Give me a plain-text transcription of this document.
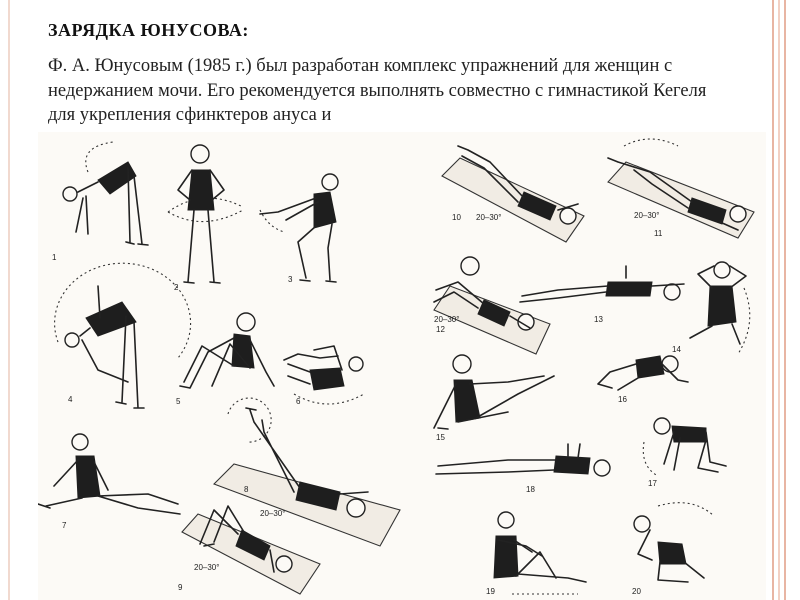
ЗАРЯДКА ЮНУСОВА:
Ф. А. Юнусовым (1985 г.) был разработан комплекс упражнений для женщин с недержанием мочи. Его рекомендуется выполнять совместно с гимнастикой Кегеля для укрепления сфинктеров ануса и
1
2
3
4	5	6
7
8
9
10
11
12
13
14
15
16
17
18
19	20
20–30°
20–30°
20–30°	20–30°
20–30°
